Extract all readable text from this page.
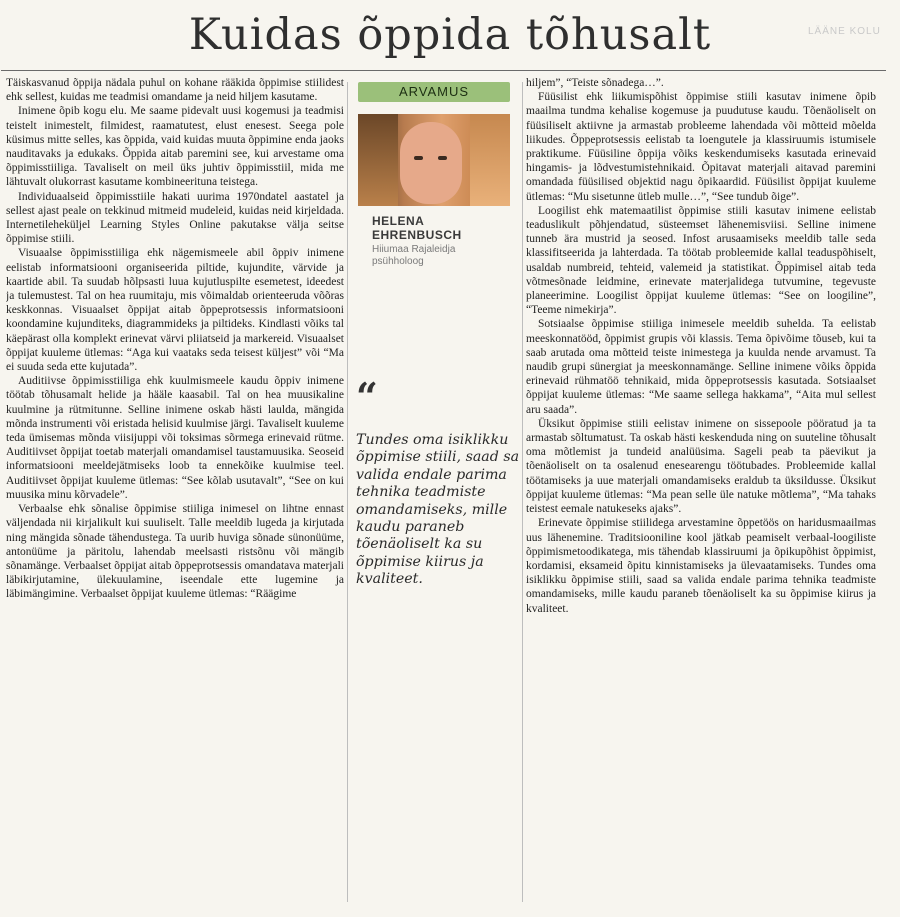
Kuidas õppida tõhusalt	LÄÄNE KOLU

Täiskasvanud õppija nädala puhul on kohane rääkida õppimise stiilidest ehk sellest, kuidas me teadmisi omandame ja neid hiljem kasutame.

Inimene õpib kogu elu. Me saame pidevalt uusi kogemusi ja teadmisi teistelt inimestelt, filmidest, raamatutest, elust enesest. Seega pole küsimus mitte selles, kas õppida, vaid kuidas muuta õppimine enda jaoks nauditavaks ja edukaks. Õppida aitab paremini see, kui arvestame oma õppimisstiiliga. Tavaliselt on meil üks juhtiv õppimisstiil, mida me lähtuvalt olukorrast kasutame kombineerituna teistega.

Individuaalseid õppimisstiile hakati uurima 1970ndatel aastatel ja sellest ajast peale on tekkinud mitmeid mudeleid, kuidas neid kirjeldada. Internetileheküljel Learning Styles Online pakutakse välja seitse õppimise stiili.

Visuaalse õppimisstiiliga ehk nägemismeele abil õppiv inimene eelistab informatsiooni organiseerida piltide, kujundite, värvide ja kaartide abil. Ta suudab hõlpsasti luua kujutluspilte esemetest, ideedest ja tulemustest. Tal on hea ruumitaju, mis võimaldab orienteeruda võõras keskkonnas. Visuaalset õppijat aitab õppeprotsessis informatsiooni koondamine kujunditeks, diagrammideks ja piltideks. Kindlasti võiks tal käepärast olla komplekt erinevat värvi pliiatseid ja markereid. Visuaalset õppijat kuuleme ütlemas: “Aga kui vaataks seda teisest küljest” või “Ma ei suuda seda ette kujutada”.

Auditiivse õppimisstiiliga ehk kuulmismeele kaudu õppiv inimene töötab tõhusamalt helide ja hääle kaasabil. Tal on hea muusikaline kuulmine ja rütmitunne. Selline inimene oskab hästi laulda, mängida mõnda instrumenti või eristada helisid kuulmise järgi. Tavaliselt kuuleme teda ümisemas mõnda viisijuppi või toksimas sõrmega erinevaid rütme. Auditiivset õppijat toetab materjali omandamisel taustamuusika. Seoseid informatsiooni meeldejätmiseks loob ta ennekõike kuulmise teel. Auditiivset õppijat kuuleme ütlemas: “See kõlab usutavalt”, “See on kui muusika minu kõrvadele”.

Verbaalse ehk sõnalise õppimise stiiliga inimesel on lihtne ennast väljendada nii kirjalikult kui suuliselt. Talle meeldib lugeda ja kirjutada ning mängida sõnade tähendustega. Ta uurib huviga sõnade sünonüüme, antonüüme ja päritolu, lahendab meelsasti ristsõnu või mängib sõnamänge. Verbaalset õppijat aitab õppeprotsessis omandatava materjali läbikirjutamine, ülekuulamine, iseendale ette lugemine ja läbimängimine. Verbaalset õppijat kuuleme ütlemas: “Räägime

ARVAMUS
HELENA
EHRENBUSCH
Hiiumaa Rajaleidja
psühholoog
“
Tundes oma isiklikku õppimise stiili, saad sa valida endale parima tehnika teadmiste omandamiseks, mille kaudu paraneb tõenäoliselt ka su õppimise kiirus ja kvaliteet.

hiljem”, “Teiste sõnadega…”.

Füüsilist ehk liikumispõhist õppimise stiili kasutav inimene õpib maailma tundma kehalise kogemuse ja puudutuse kaudu. Tõenäoliselt on füüsiliselt aktiivne ja armastab probleeme lahendada või mõtteid mõelda liikudes. Õppeprotsessis eelistab ta loengutele ja klassiruumis istumisele praktikume. Füüsiline õppija võiks keskendumiseks kasutada erinevaid hingamis- ja lõdvestumistehnikaid. Õpitavat materjali aitavad paremini omandada füüsilised objektid nagu õpikaardid. Füüsilist õppijat kuuleme ütlemas: “Mu sisetunne ütleb mulle…”, “See tundub õige”.

Loogilist ehk matemaatilist õppimise stiili kasutav inimene eelistab teaduslikult põhjendatud, süsteemset lähenemisviisi. Selline inimene tunneb ära mustrid ja seosed. Infost arusaamiseks meeldib talle seda klassifitseerida ja lahterdada. Ta töötab probleemide kallal teaduspõhiselt, usaldab numbreid, tehteid, valemeid ja statistikat. Õppimisel aitab teda võtmesõnade leidmine, erinevate materjalidega tutvumine, tegevuste planeerimine. Loogilist õppijat kuuleme ütlemas: “See on loogiline”, “Teeme nimekirja”.

Sotsiaalse õppimise stiiliga inimesele meeldib suhelda. Ta eelistab meeskonnatööd, õppimist grupis või klassis. Tema õpivõime tõuseb, kui ta saab arutada oma mõtteid teiste inimestega ja kuulda nende arvamust. Ta naudib grupi sünergiat ja meeskonnamänge. Selline inimene võiks õppida erinevaid rühmatöö tehnikaid, mida õppeprotsessis kasutada. Sotsiaalset õppijat kuuleme ütlemas: “Me saame sellega hakkama”, “Aita mul sellest aru saada”.

Üksikut õppimise stiili eelistav inimene on sissepoole pööratud ja ta armastab sõltumatust. Ta oskab hästi keskenduda ning on suuteline tõhusalt oma mõtlemist ja tundeid analüüsima. Sageli peab ta päevikut ja tõenäoliselt on ta osalenud enesearengu töötubades. Probleemide kallal töötamiseks ja uue materjali omandamiseks eraldub ta üksildusse. Üksikut õppijat kuuleme ütlemas: “Ma pean selle üle natuke mõtlema”, “Ma tahaks teistest eemale natukeseks ajaks”.

Erinevate õppimise stiilidega arvestamine õppetöös on haridusmaailmas uus lähenemine. Traditsiooniline kool jätkab peamiselt verbaal-loogiliste õppimismetoodikatega, mis tähendab klassiruumi ja õpikupõhist õppimist, kordamisi, eksameid õpitu kinnistamiseks ja ülevaatamiseks. Tundes oma isiklikku õppimise stiili, saad sa valida endale parima tehnika teadmiste omandamiseks, mille kaudu paraneb tõenäoliselt ka su õppimise kiirus ja kvaliteet.
